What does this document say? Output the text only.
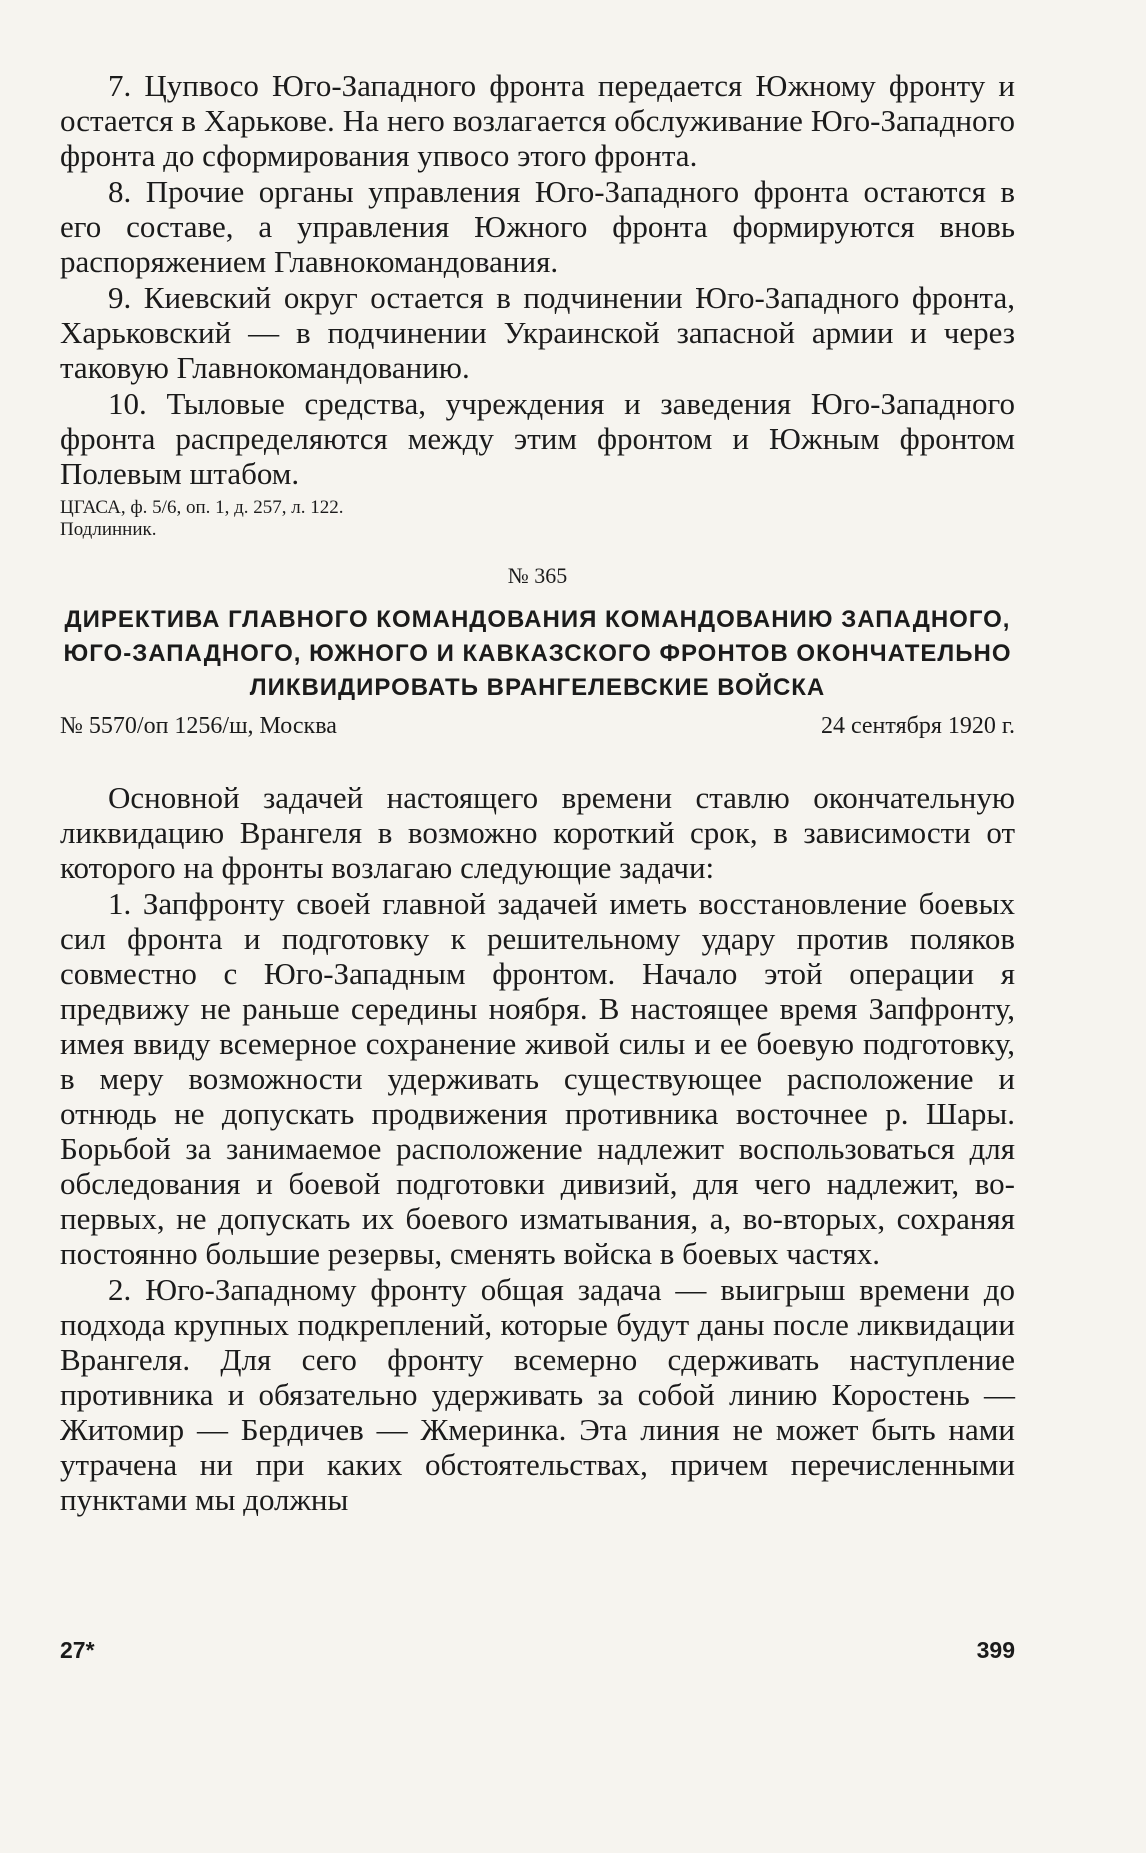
7. Цупвосо Юго-Западного фронта передается Южному фронту и остается в Харькове. На него возлагается обслуживание Юго-Западного фронта до сформирования упвосо этого фронта.

8. Прочие органы управления Юго-Западного фронта остаются в его составе, а управления Южного фронта формируются вновь распоряжением Главнокомандования.

9. Киевский округ остается в подчинении Юго-Западного фронта, Харьковский — в подчинении Украинской запасной армии и через таковую Главнокомандованию.

10. Тыловые средства, учреждения и заведения Юго-Западного фронта распределяются между этим фронтом и Южным фронтом Полевым штабом.

ЦГАСА, ф. 5/6, оп. 1, д. 257, л. 122.

Подлинник.

№ 365

ДИРЕКТИВА ГЛАВНОГО КОМАНДОВАНИЯ КОМАНДОВАНИЮ ЗАПАДНОГО, ЮГО-ЗАПАДНОГО, ЮЖНОГО И КАВКАЗСКОГО ФРОНТОВ ОКОНЧАТЕЛЬНО ЛИКВИДИРОВАТЬ ВРАНГЕЛЕВСКИЕ ВОЙСКА

№ 5570/оп 1256/ш, Москва	24 сентября 1920 г.

Основной задачей настоящего времени ставлю окончательную ликвидацию Врангеля в возможно короткий срок, в зависимости от которого на фронты возлагаю следующие задачи:

1. Запфронту своей главной задачей иметь восстановление боевых сил фронта и подготовку к решительному удару против поляков совместно с Юго-Западным фронтом. Начало этой операции я предвижу не раньше середины ноября. В настоящее время Запфронту, имея ввиду всемерное сохранение живой силы и ее боевую подготовку, в меру возможности удерживать существующее расположение и отнюдь не допускать продвижения противника восточнее р. Шары. Борьбой за занимаемое расположение надлежит воспользоваться для обследования и боевой подготовки дивизий, для чего надлежит, во-первых, не допускать их боевого изматывания, а, во-вторых, сохраняя постоянно большие резервы, сменять войска в боевых частях.

2. Юго-Западному фронту общая задача — выигрыш времени до подхода крупных подкреплений, которые будут даны после ликвидации Врангеля. Для сего фронту всемерно сдерживать наступление противника и обязательно удерживать за собой линию Коростень — Житомир — Бердичев — Жмеринка. Эта линия не может быть нами утрачена ни при каких обстоятельствах, причем перечисленными пунктами мы должны

27*	399
